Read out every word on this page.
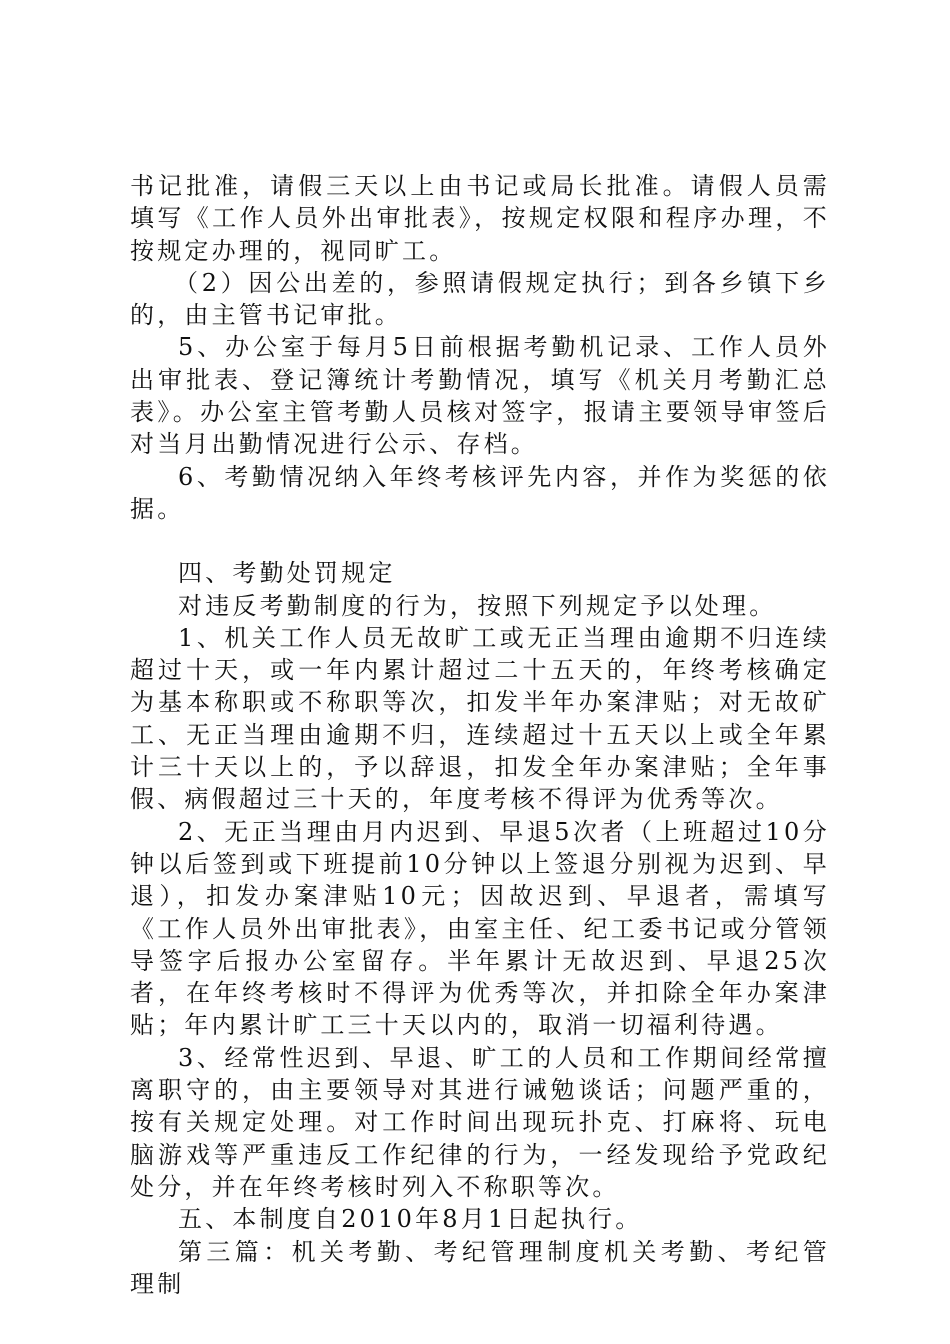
书记批准，请假三天以上由书记或局长批准。请假人员需填写《工作人员外出审批表》，按规定权限和程序办理，不按规定办理的，视同旷工。

（2）因公出差的，参照请假规定执行；到各乡镇下乡的，由主管书记审批。

5、办公室于每月5日前根据考勤机记录、工作人员外出审批表、登记簿统计考勤情况，填写《机关月考勤汇总表》。办公室主管考勤人员核对签字，报请主要领导审签后对当月出勤情况进行公示、存档。

6、考勤情况纳入年终考核评先内容，并作为奖惩的依据。

四、考勤处罚规定

对违反考勤制度的行为，按照下列规定予以处理。

1、机关工作人员无故旷工或无正当理由逾期不归连续超过十天，或一年内累计超过二十五天的，年终考核确定为基本称职或不称职等次，扣发半年办案津贴；对无故矿工、无正当理由逾期不归，连续超过十五天以上或全年累计三十天以上的，予以辞退，扣发全年办案津贴；全年事假、病假超过三十天的，年度考核不得评为优秀等次。

2、无正当理由月内迟到、早退5次者（上班超过10分钟以后签到或下班提前10分钟以上签退分别视为迟到、早退），扣发办案津贴10元；因故迟到、早退者，需填写《工作人员外出审批表》，由室主任、纪工委书记或分管领导签字后报办公室留存。半年累计无故迟到、早退25次者，在年终考核时不得评为优秀等次，并扣除全年办案津贴；年内累计旷工三十天以内的，取消一切福利待遇。

3、经常性迟到、早退、旷工的人员和工作期间经常擅离职守的，由主要领导对其进行诫勉谈话；问题严重的，按有关规定处理。对工作时间出现玩扑克、打麻将、玩电脑游戏等严重违反工作纪律的行为，一经发现给予党政纪处分，并在年终考核时列入不称职等次。

五、本制度自2010年8月1日起执行。

第三篇：机关考勤、考纪管理制度机关考勤、考纪管理制
